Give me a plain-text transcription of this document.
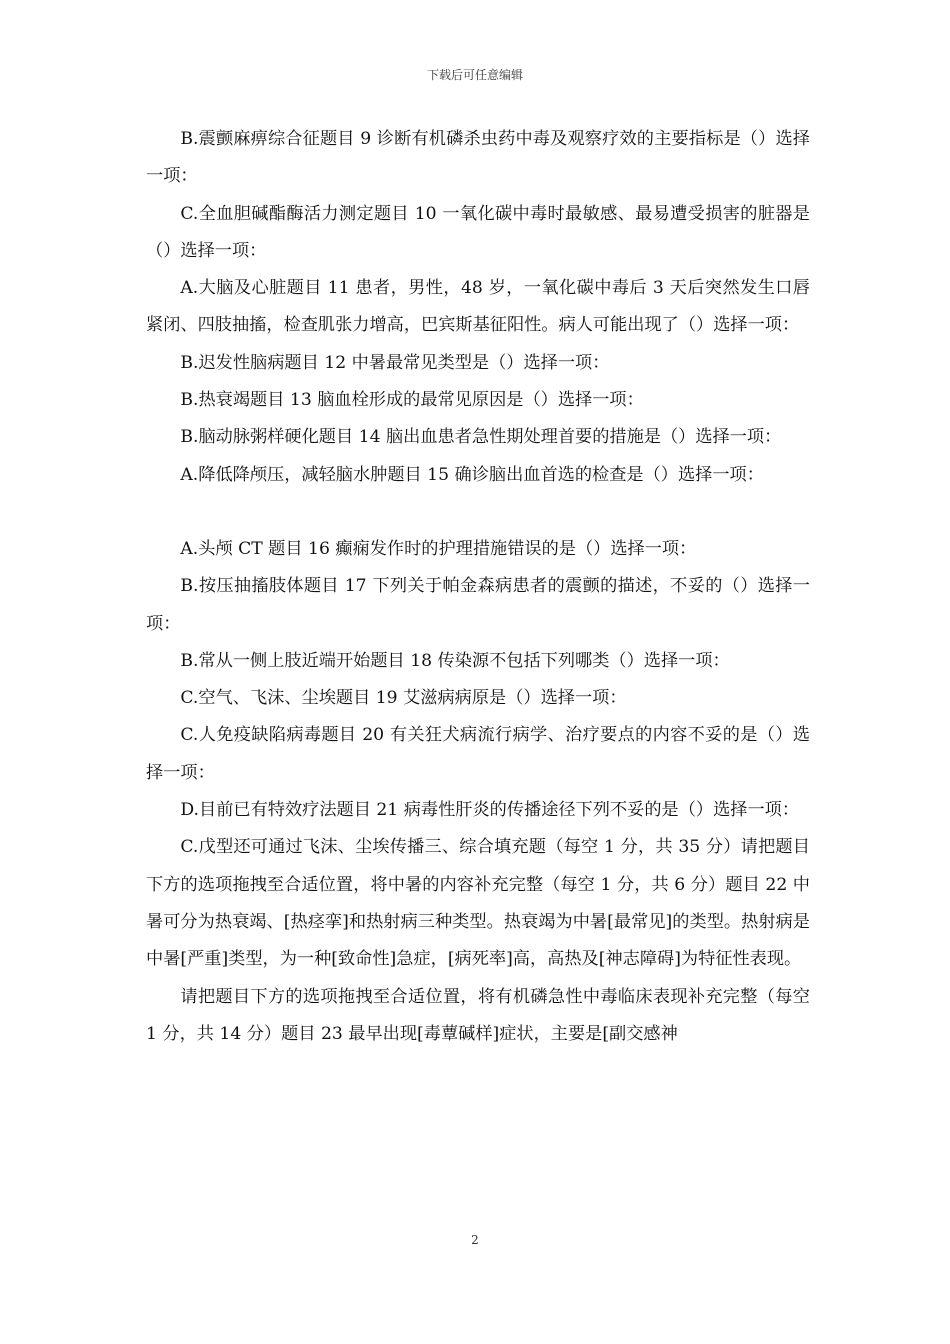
下载后可任意编辑

B.震颤麻痹综合征题目 9 诊断有机磷杀虫药中毒及观察疗效的主要指标是（）选择一项：

C.全血胆碱酯酶活力测定题目 10 一氧化碳中毒时最敏感、最易遭受损害的脏器是（）选择一项：

A.大脑及心脏题目 11 患者，男性，48 岁，一氧化碳中毒后 3 天后突然发生口唇紧闭、四肢抽搐，检查肌张力增高，巴宾斯基征阳性。病人可能出现了（）选择一项：

B.迟发性脑病题目 12 中暑最常见类型是（）选择一项：

B.热衰竭题目 13 脑血栓形成的最常见原因是（）选择一项：

B.脑动脉粥样硬化题目 14 脑出血患者急性期处理首要的措施是（）选择一项：

A.降低降颅压，减轻脑水肿题目 15 确诊脑出血首选的检查是（）选择一项：

A.头颅 CT 题目 16 癫痫发作时的护理措施错误的是（）选择一项：

B.按压抽搐肢体题目 17 下列关于帕金森病患者的震颤的描述，不妥的（）选择一项：

B.常从一侧上肢近端开始题目 18 传染源不包括下列哪类（）选择一项：

C.空气、飞沫、尘埃题目 19 艾滋病病原是（）选择一项：

C.人免疫缺陷病毒题目 20 有关狂犬病流行病学、治疗要点的内容不妥的是（）选择一项：

D.目前已有特效疗法题目 21 病毒性肝炎的传播途径下列不妥的是（）选择一项：

C.戊型还可通过飞沫、尘埃传播三、综合填充题（每空 1 分，共 35 分）请把题目下方的选项拖拽至合适位置，将中暑的内容补充完整（每空 1 分，共 6 分）题目 22 中暑可分为热衰竭、[热痉挛]和热射病三种类型。热衰竭为中暑[最常见]的类型。热射病是中暑[严重]类型，为一种[致命性]急症，[病死率]高，高热及[神志障碍]为特征性表现。

请把题目下方的选项拖拽至合适位置，将有机磷急性中毒临床表现补充完整（每空 1 分，共 14 分）题目 23 最早出现[毒蕈碱样]症状，主要是[副交感神

2
